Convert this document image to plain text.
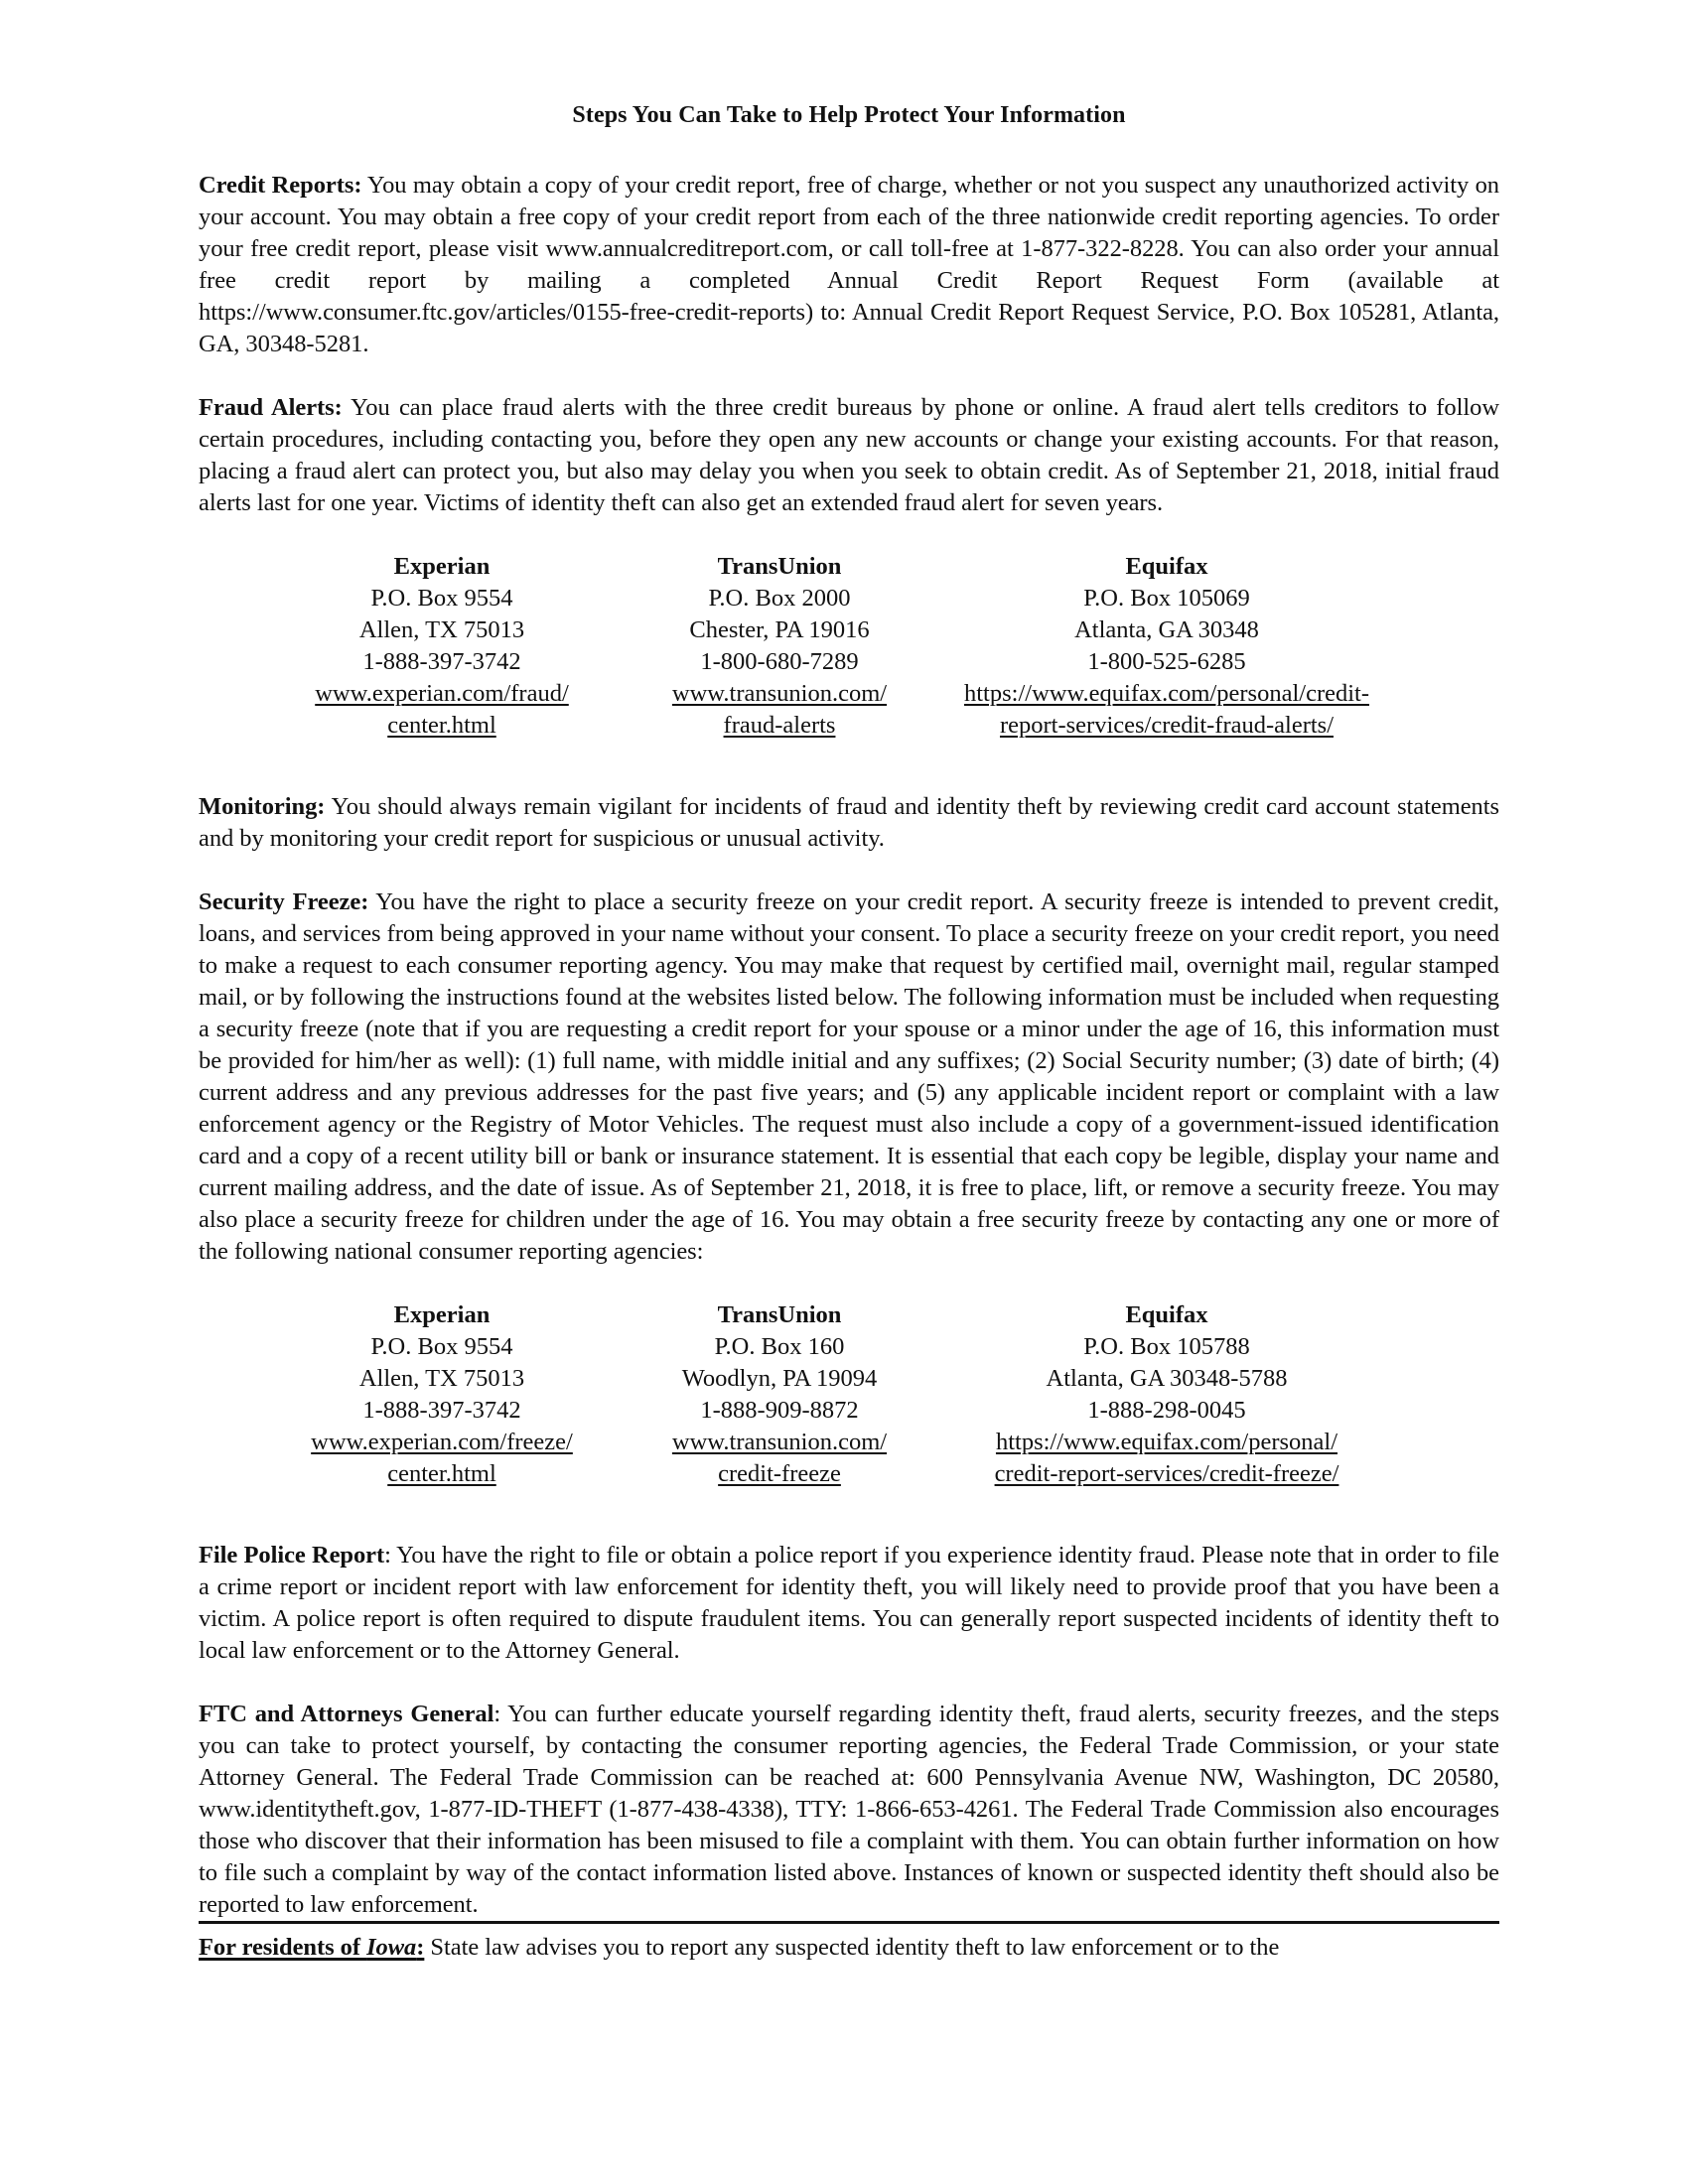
Steps You Can Take to Help Protect Your Information

Credit Reports: You may obtain a copy of your credit report, free of charge, whether or not you suspect any unauthorized activity on your account. You may obtain a free copy of your credit report from each of the three nationwide credit reporting agencies. To order your free credit report, please visit www.annualcreditreport.com, or call toll-free at 1-877-322-8228. You can also order your annual free credit report by mailing a completed Annual Credit Report Request Form (available at https://www.consumer.ftc.gov/articles/0155-free-credit-reports) to: Annual Credit Report Request Service, P.O. Box 105281, Atlanta, GA, 30348-5281.

Fraud Alerts: You can place fraud alerts with the three credit bureaus by phone or online. A fraud alert tells creditors to follow certain procedures, including contacting you, before they open any new accounts or change your existing accounts. For that reason, placing a fraud alert can protect you, but also may delay you when you seek to obtain credit. As of September 21, 2018, initial fraud alerts last for one year. Victims of identity theft can also get an extended fraud alert for seven years.

Experian
P.O. Box 9554
Allen, TX 75013
1-888-397-3742
www.experian.com/fraud/
center.html
TransUnion
P.O. Box 2000
Chester, PA 19016
1-800-680-7289
www.transunion.com/
fraud-alerts
Equifax
P.O. Box 105069
Atlanta, GA 30348
1-800-525-6285
https://www.equifax.com/personal/credit-
report-services/credit-fraud-alerts/

Monitoring: You should always remain vigilant for incidents of fraud and identity theft by reviewing credit card account statements and by monitoring your credit report for suspicious or unusual activity.

Security Freeze: You have the right to place a security freeze on your credit report. A security freeze is intended to prevent credit, loans, and services from being approved in your name without your consent. To place a security freeze on your credit report, you need to make a request to each consumer reporting agency. You may make that request by certified mail, overnight mail, regular stamped mail, or by following the instructions found at the websites listed below. The following information must be included when requesting a security freeze (note that if you are requesting a credit report for your spouse or a minor under the age of 16, this information must be provided for him/her as well): (1) full name, with middle initial and any suffixes; (2) Social Security number; (3) date of birth; (4) current address and any previous addresses for the past five years; and (5) any applicable incident report or complaint with a law enforcement agency or the Registry of Motor Vehicles. The request must also include a copy of a government-issued identification card and a copy of a recent utility bill or bank or insurance statement. It is essential that each copy be legible, display your name and current mailing address, and the date of issue. As of September 21, 2018, it is free to place, lift, or remove a security freeze. You may also place a security freeze for children under the age of 16. You may obtain a free security freeze by contacting any one or more of the following national consumer reporting agencies:

Experian
P.O. Box 9554
Allen, TX 75013
1-888-397-3742
www.experian.com/freeze/
center.html
TransUnion
P.O. Box 160
Woodlyn, PA 19094
1-888-909-8872
www.transunion.com/
credit-freeze
Equifax
P.O. Box 105788
Atlanta, GA 30348-5788
1-888-298-0045
https://www.equifax.com/personal/
credit-report-services/credit-freeze/

File Police Report: You have the right to file or obtain a police report if you experience identity fraud. Please note that in order to file a crime report or incident report with law enforcement for identity theft, you will likely need to provide proof that you have been a victim. A police report is often required to dispute fraudulent items. You can generally report suspected incidents of identity theft to local law enforcement or to the Attorney General.

FTC and Attorneys General: You can further educate yourself regarding identity theft, fraud alerts, security freezes, and the steps you can take to protect yourself, by contacting the consumer reporting agencies, the Federal Trade Commission, or your state Attorney General. The Federal Trade Commission can be reached at: 600 Pennsylvania Avenue NW, Washington, DC 20580, www.identitytheft.gov, 1-877-ID-THEFT (1-877-438-4338), TTY: 1-866-653-4261. The Federal Trade Commission also encourages those who discover that their information has been misused to file a complaint with them. You can obtain further information on how to file such a complaint by way of the contact information listed above. Instances of known or suspected identity theft should also be reported to law enforcement.

For residents of Iowa: State law advises you to report any suspected identity theft to law enforcement or to the
